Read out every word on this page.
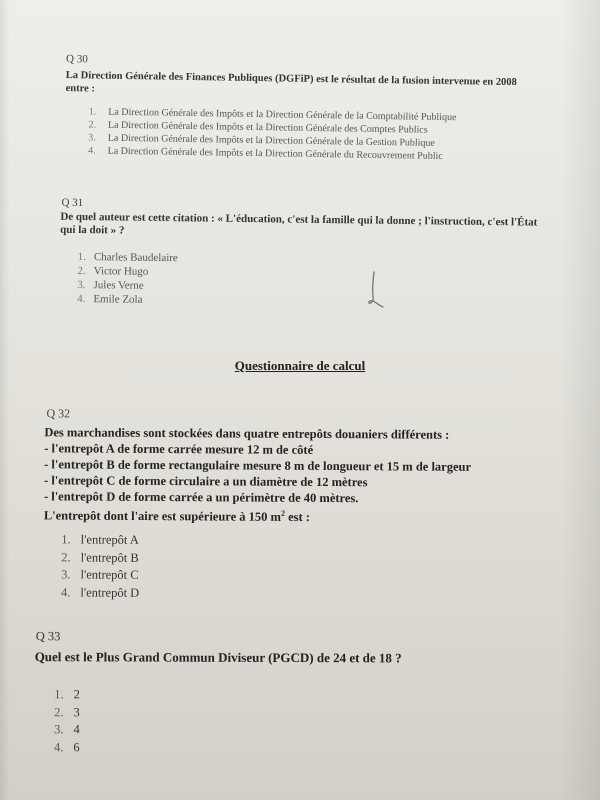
Q 30
La Direction Générale des Finances Publiques (DGFiP) est le résultat de la fusion intervenue en 2008 entre :
1. La Direction Générale des Impôts et la Direction Générale de la Comptabilité Publique
2. La Direction Générale des Impôts et la Direction Générale des Comptes Publics
3. La Direction Générale des Impôts et la Direction Générale de la Gestion Publique
4. La Direction Générale des Impôts et la Direction Générale du Recouvrement Public
Q 31
De quel auteur est cette citation : « L'éducation, c'est la famille qui la donne ; l'instruction, c'est l'État qui la doit » ?
1. Charles Baudelaire
2. Victor Hugo
3. Jules Verne
4. Emile Zola
Questionnaire de calcul
Q 32
Des marchandises sont stockées dans quatre entrepôts douaniers différents :
- l'entrepôt A de forme carrée mesure 12 m de côté
- l'entrepôt B de forme rectangulaire mesure 8 m de longueur et 15 m de largeur
- l'entrepôt C de forme circulaire a un diamètre de 12 mètres
- l'entrepôt D de forme carrée a un périmètre de 40 mètres.
L'entrepôt dont l'aire est supérieure à 150 $m^2$ est :
1. l'entrepôt A
2. l'entrepôt B
3. l'entrepôt C
4. l'entrepôt D
Q 33
Quel est le Plus Grand Commun Diviseur (PGCD) de 24 et de 18 ?
1. 2
2. 3
3. 4
4. 6
